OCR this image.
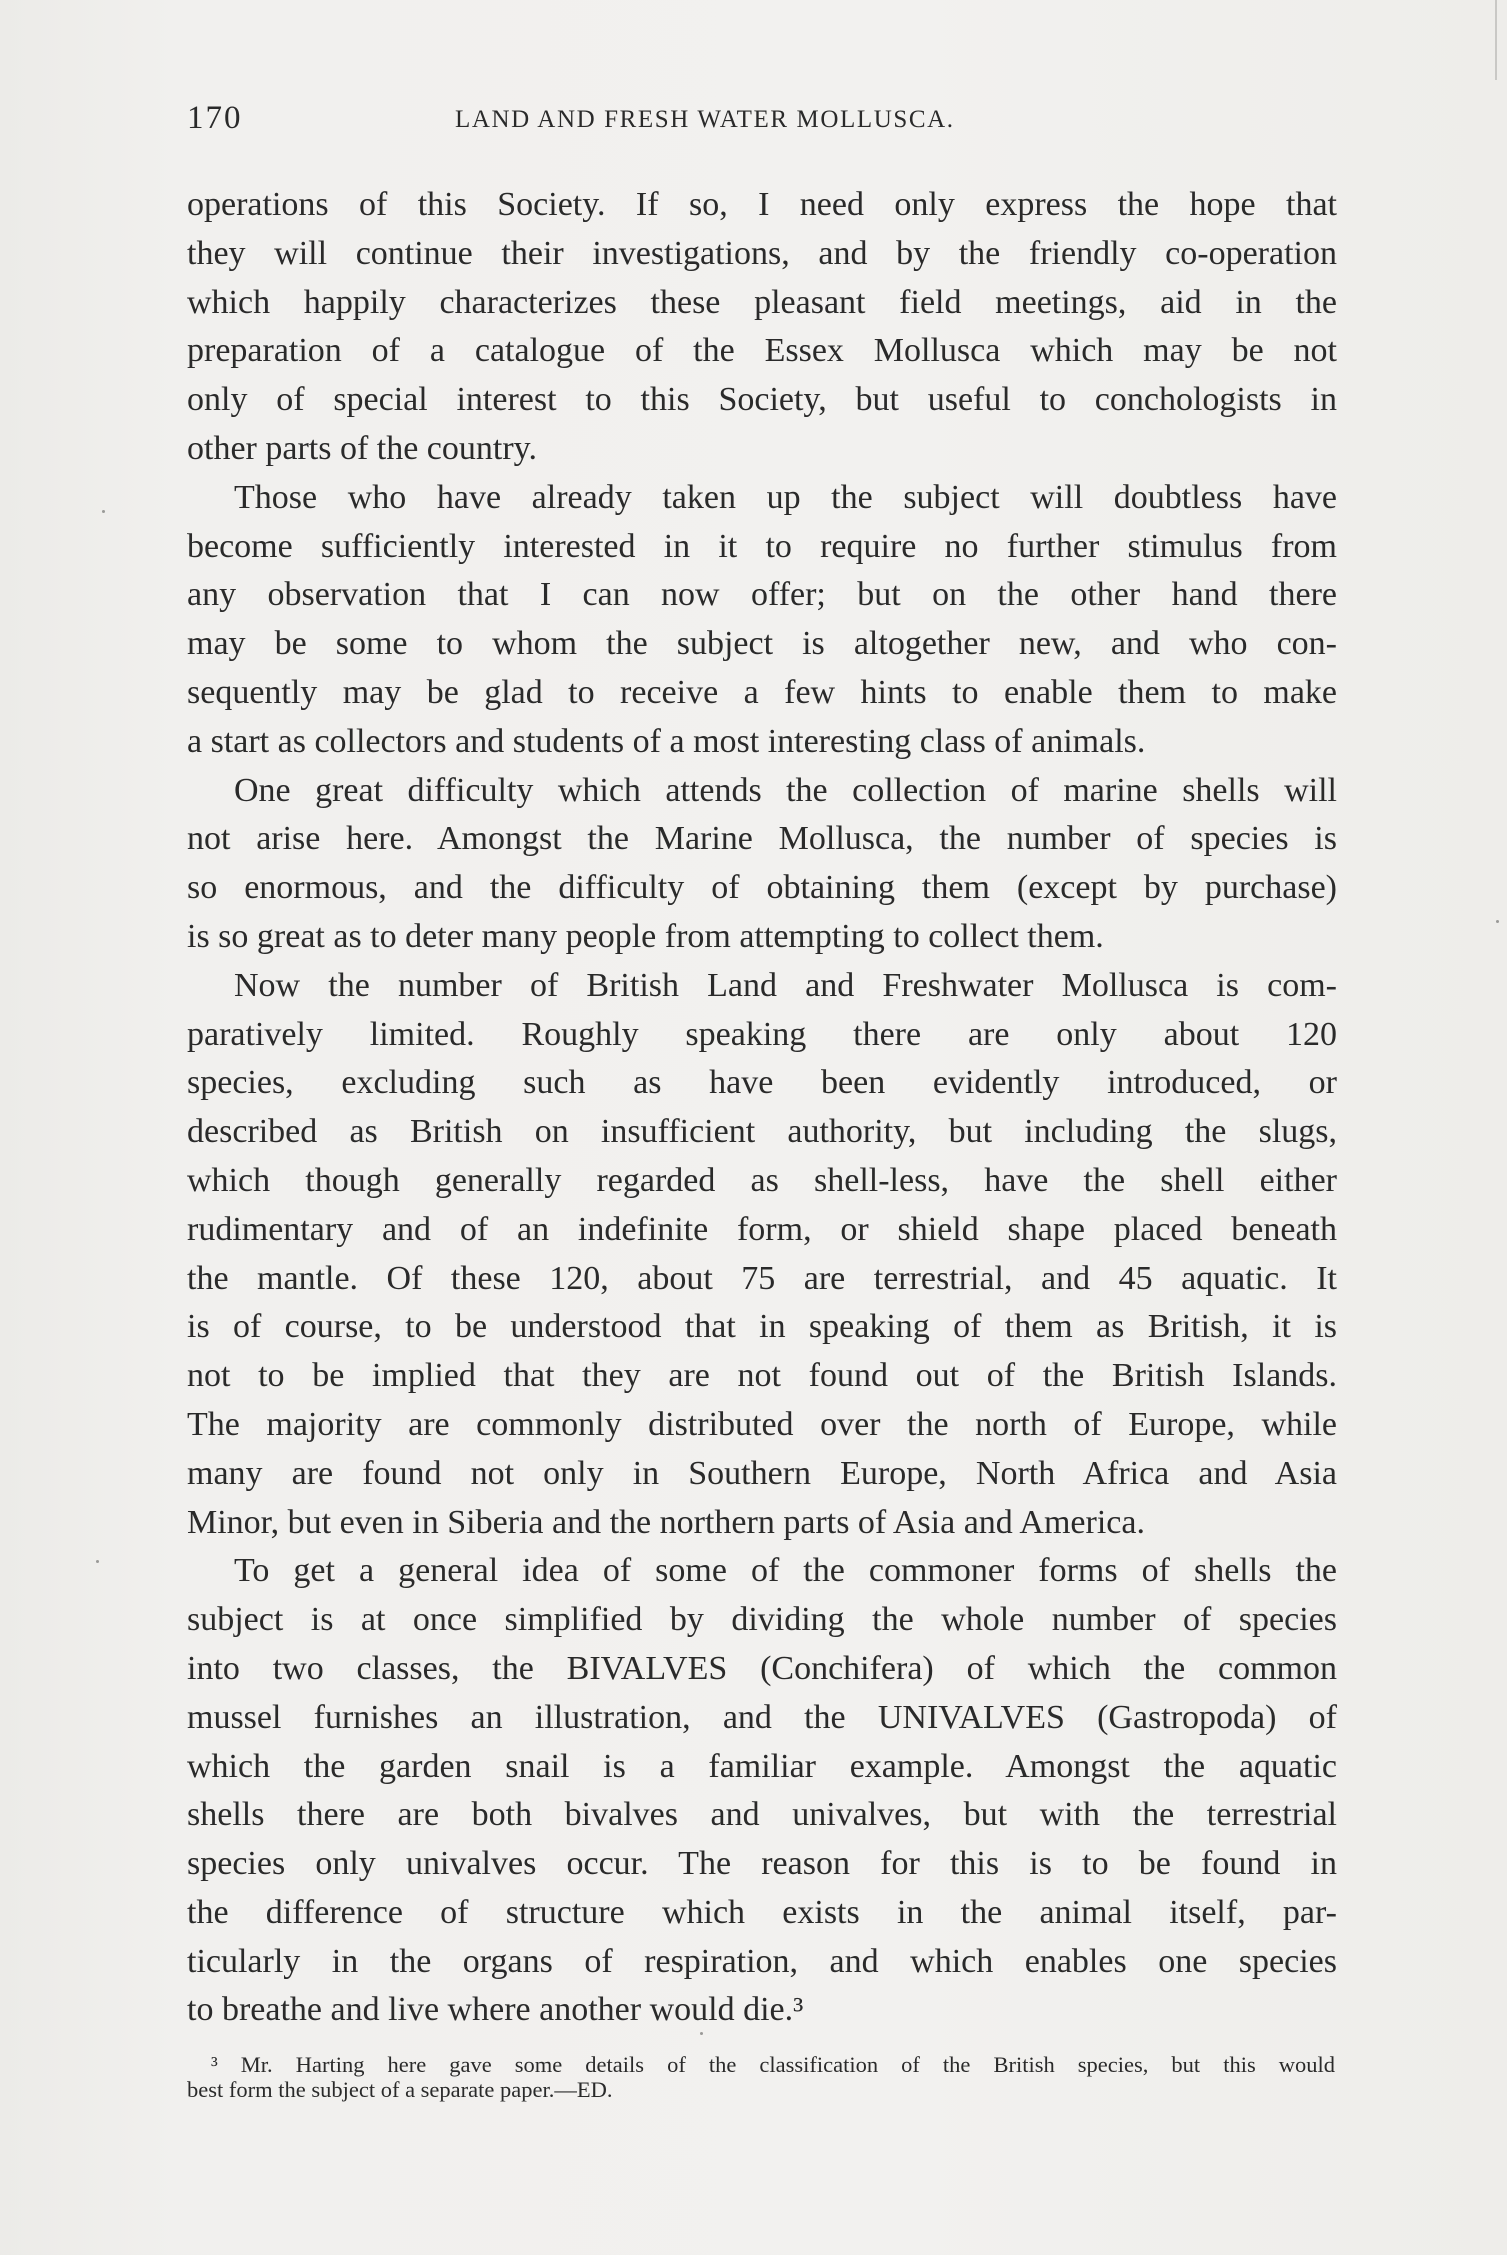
170	LAND AND FRESH WATER MOLLUSCA.
operations of this Society. If so, I need only express the hope that
they will continue their investigations, and by the friendly co-operation
which happily characterizes these pleasant field meetings, aid in the
preparation of a catalogue of the Essex Mollusca which may be not
only of special interest to this Society, but useful to conchologists in
other parts of the country.
Those who have already taken up the subject will doubtless have
become sufficiently interested in it to require no further stimulus from
any observation that I can now offer; but on the other hand there
may be some to whom the subject is altogether new, and who con-
sequently may be glad to receive a few hints to enable them to make
a start as collectors and students of a most interesting class of animals.
One great difficulty which attends the collection of marine shells will
not arise here. Amongst the Marine Mollusca, the number of species is
so enormous, and the difficulty of obtaining them (except by purchase)
is so great as to deter many people from attempting to collect them.
Now the number of British Land and Freshwater Mollusca is com-
paratively limited. Roughly speaking there are only about 120
species, excluding such as have been evidently introduced, or
described as British on insufficient authority, but including the slugs,
which though generally regarded as shell-less, have the shell either
rudimentary and of an indefinite form, or shield shape placed beneath
the mantle. Of these 120, about 75 are terrestrial, and 45 aquatic. It
is of course, to be understood that in speaking of them as British, it is
not to be implied that they are not found out of the British Islands.
The majority are commonly distributed over the north of Europe, while
many are found not only in Southern Europe, North Africa and Asia
Minor, but even in Siberia and the northern parts of Asia and America.
To get a general idea of some of the commoner forms of shells the
subject is at once simplified by dividing the whole number of species
into two classes, the BIVALVES (Conchifera) of which the common
mussel furnishes an illustration, and the UNIVALVES (Gastropoda) of
which the garden snail is a familiar example. Amongst the aquatic
shells there are both bivalves and univalves, but with the terrestrial
species only univalves occur. The reason for this is to be found in
the difference of structure which exists in the animal itself, par-
ticularly in the organs of respiration, and which enables one species
to breathe and live where another would die.³
³ Mr. Harting here gave some details of the classification of the British species, but this would
best form the subject of a separate paper.—ED.
